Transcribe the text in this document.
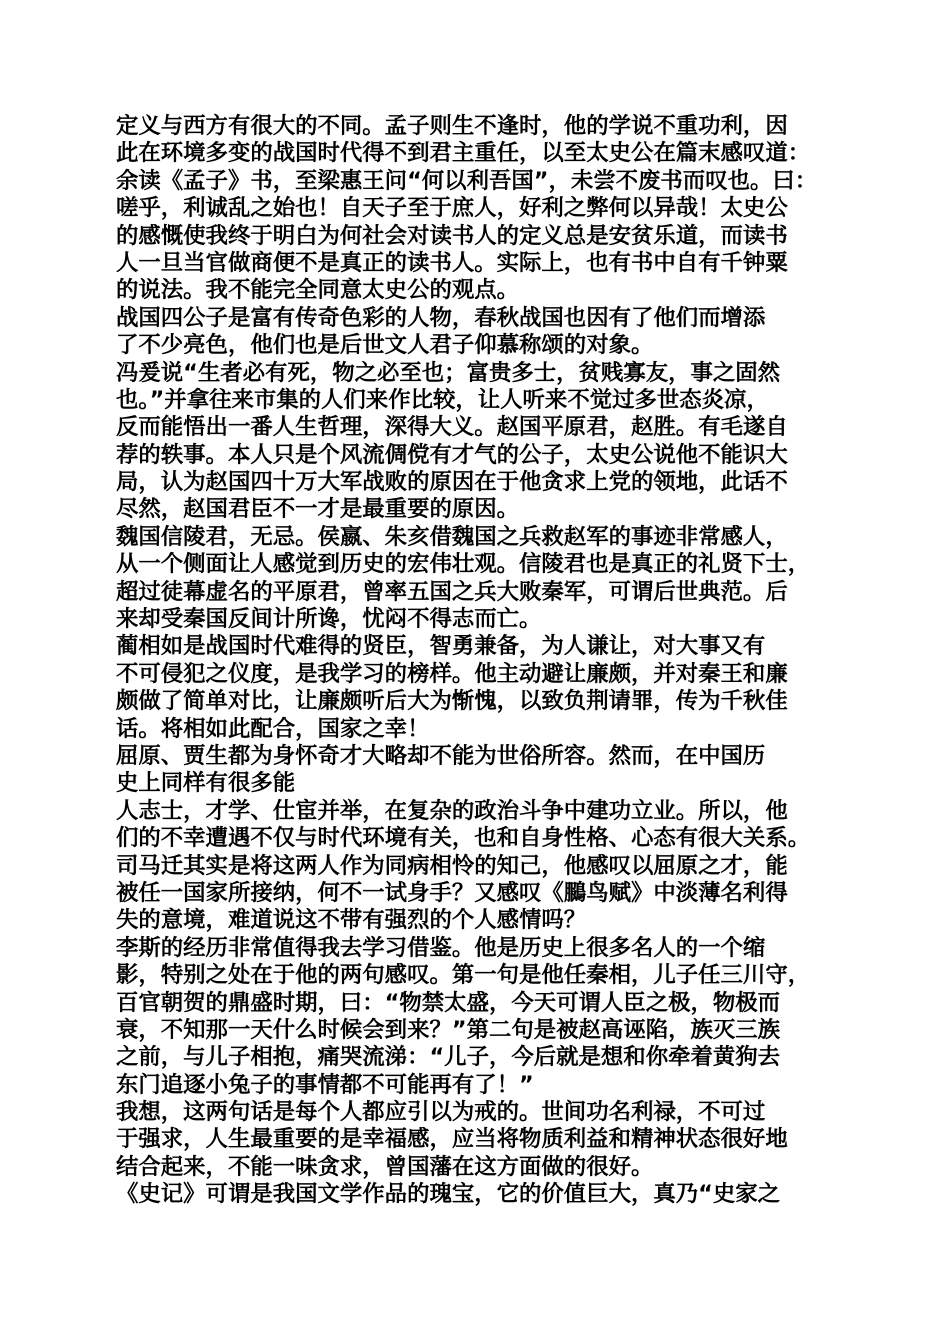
定义与西方有很大的不同。孟子则生不逢时，他的学说不重功利，因
此在环境多变的战国时代得不到君主重任，以至太史公在篇末感叹道：
余读《孟子》书，至梁惠王问“何以利吾国”，未尝不废书而叹也。曰：
嗟乎，利诚乱之始也！自天子至于庶人，好利之弊何以异哉！太史公
的感慨使我终于明白为何社会对读书人的定义总是安贫乐道，而读书
人一旦当官做商便不是真正的读书人。实际上，也有书中自有千钟粟
的说法。我不能完全同意太史公的观点。
战国四公子是富有传奇色彩的人物，春秋战国也因有了他们而增添
了不少亮色，他们也是后世文人君子仰慕称颂的对象。
冯爰说“生者必有死，物之必至也；富贵多士，贫贱寡友，事之固然
也。”并拿往来市集的人们来作比较，让人听来不觉过多世态炎凉，
反而能悟出一番人生哲理，深得大义。赵国平原君，赵胜。有毛遂自
荐的轶事。本人只是个风流倜傥有才气的公子，太史公说他不能识大
局，认为赵国四十万大军战败的原因在于他贪求上党的领地，此话不
尽然，赵国君臣不一才是最重要的原因。
魏国信陵君，无忌。侯嬴、朱亥借魏国之兵救赵军的事迹非常感人，
从一个侧面让人感觉到历史的宏伟壮观。信陵君也是真正的礼贤下士，
超过徒幕虚名的平原君，曾率五国之兵大败秦军，可谓后世典范。后
来却受秦国反间计所谗，忧闷不得志而亡。
蔺相如是战国时代难得的贤臣，智勇兼备，为人谦让，对大事又有
不可侵犯之仪度，是我学习的榜样。他主动避让廉颇，并对秦王和廉
颇做了简单对比，让廉颇听后大为惭愧，以致负荆请罪，传为千秋佳
话。将相如此配合，国家之幸！
屈原、贾生都为身怀奇才大略却不能为世俗所容。然而，在中国历
史上同样有很多能
人志士，才学、仕宦并举，在复杂的政治斗争中建功立业。所以，他
们的不幸遭遇不仅与时代环境有关，也和自身性格、心态有很大关系。
司马迁其实是将这两人作为同病相怜的知己，他感叹以屈原之才，能
被任一国家所接纳，何不一试身手？又感叹《鵩鸟赋》中淡薄名利得
失的意境，难道说这不带有强烈的个人感情吗？
李斯的经历非常值得我去学习借鉴。他是历史上很多名人的一个缩
影，特别之处在于他的两句感叹。第一句是他任秦相，儿子任三川守，
百官朝贺的鼎盛时期，曰：“物禁太盛，今天可谓人臣之极，物极而
衰，不知那一天什么时候会到来？”第二句是被赵高诬陷，族灭三族
之前，与儿子相抱，痛哭流涕：“儿子，今后就是想和你牵着黄狗去
东门追逐小兔子的事情都不可能再有了！”
我想，这两句话是每个人都应引以为戒的。世间功名利禄，不可过
于强求，人生最重要的是幸福感，应当将物质利益和精神状态很好地
结合起来，不能一味贪求，曾国藩在这方面做的很好。
《史记》可谓是我国文学作品的瑰宝，它的价值巨大，真乃“史家之
